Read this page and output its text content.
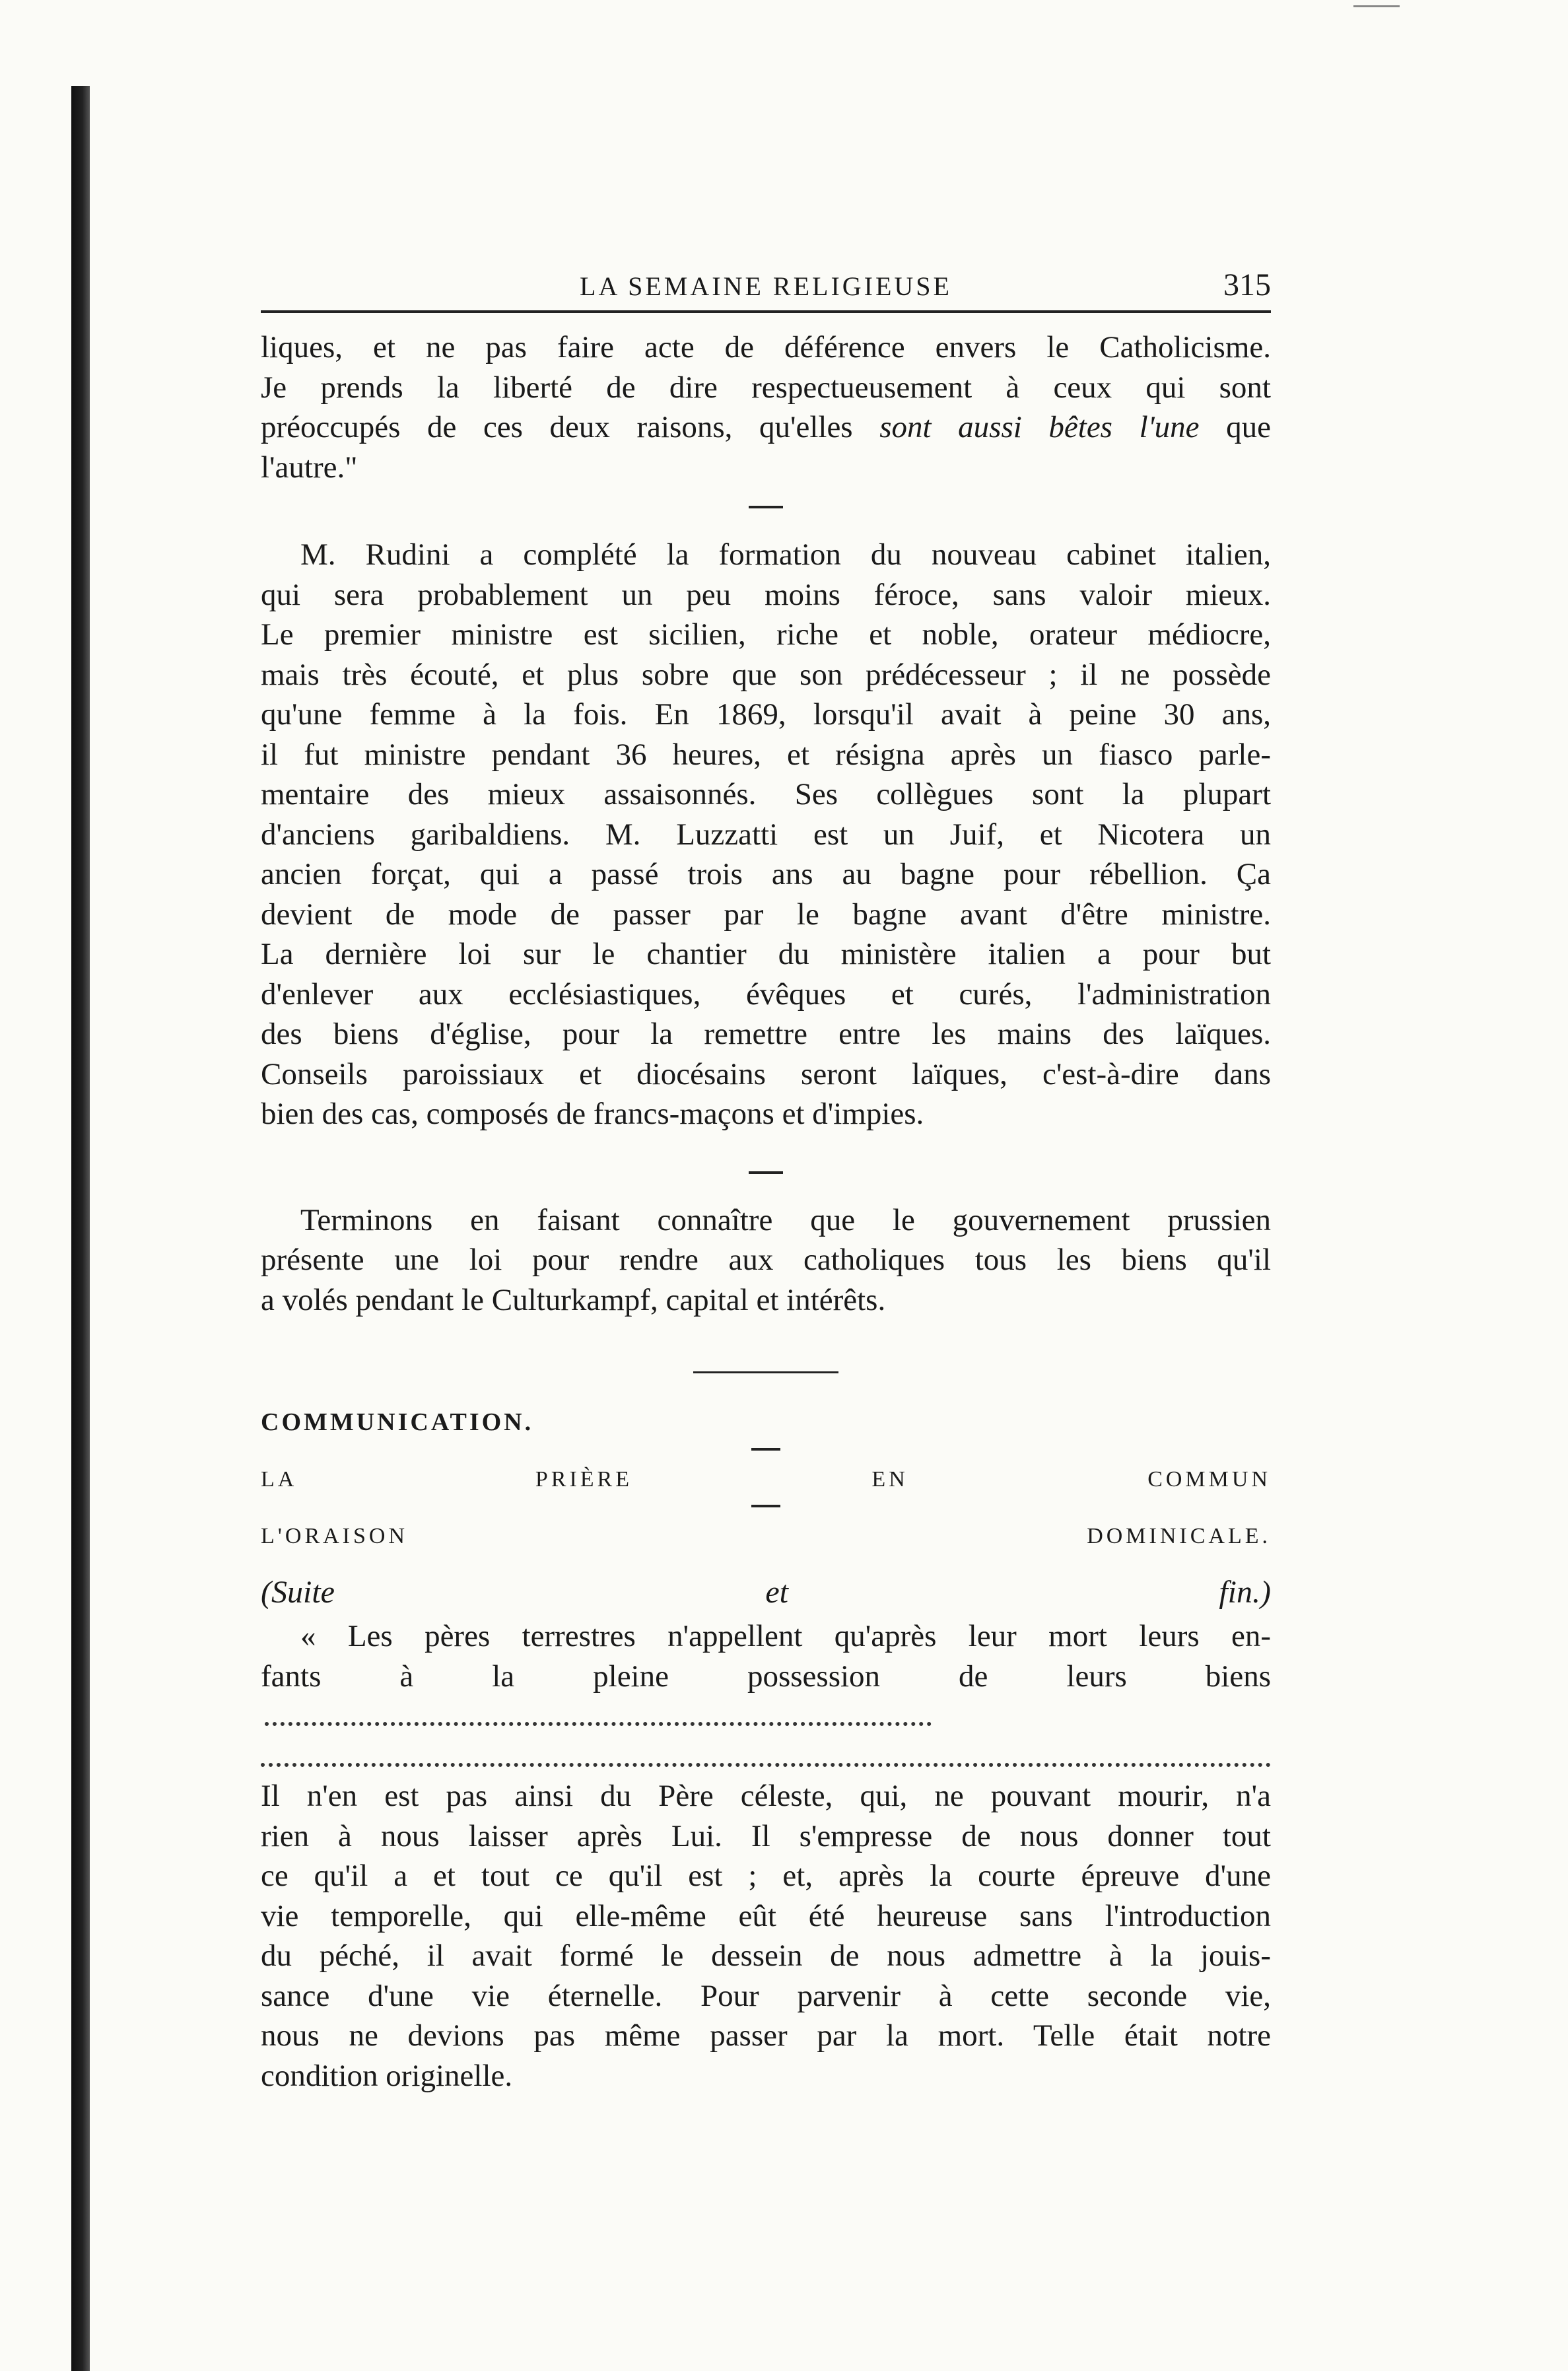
LA SEMAINE RELIGIEUSE	315

liques, et ne pas faire acte de déférence envers le Catholicisme.

Je prends la liberté de dire respectueusement à ceux qui sont

préoccupés de ces deux raisons, qu'elles sont aussi bêtes l'une que

l'autre."

M. Rudini a complété la formation du nouveau cabinet italien,

qui sera probablement un peu moins féroce, sans valoir mieux.

Le premier ministre est sicilien, riche et noble, orateur médiocre,

mais très écouté, et plus sobre que son prédécesseur ; il ne possède

qu'une femme à la fois. En 1869, lorsqu'il avait à peine 30 ans,

il fut ministre pendant 36 heures, et résigna après un fiasco parle-

mentaire des mieux assaisonnés. Ses collègues sont la plupart

d'anciens garibaldiens. M. Luzzatti est un Juif, et Nicotera un

ancien forçat, qui a passé trois ans au bagne pour rébellion. Ça

devient de mode de passer par le bagne avant d'être ministre.

La dernière loi sur le chantier du ministère italien a pour but

d'enlever aux ecclésiastiques, évêques et curés, l'administration

des biens d'église, pour la remettre entre les mains des laïques.

Conseils paroissiaux et diocésains seront laïques, c'est-à-dire dans

bien des cas, composés de francs-maçons et d'impies.

Terminons en faisant connaître que le gouvernement prussien

présente une loi pour rendre aux catholiques tous les biens qu'il

a volés pendant le Culturkampf, capital et intérêts.

COMMUNICATION.

LA PRIÈRE EN COMMUN

L'ORAISON DOMINICALE.

(Suite et fin.)

« Les pères terrestres n'appellent qu'après leur mort leurs en-

fants à la pleine possession de leurs biens

Il n'en est pas ainsi du Père céleste, qui, ne pouvant mourir, n'a

rien à nous laisser après Lui. Il s'empresse de nous donner tout

ce qu'il a et tout ce qu'il est ; et, après la courte épreuve d'une

vie temporelle, qui elle-même eût été heureuse sans l'introduction

du péché, il avait formé le dessein de nous admettre à la jouis-

sance d'une vie éternelle. Pour parvenir à cette seconde vie,

nous ne devions pas même passer par la mort. Telle était notre

condition originelle.
